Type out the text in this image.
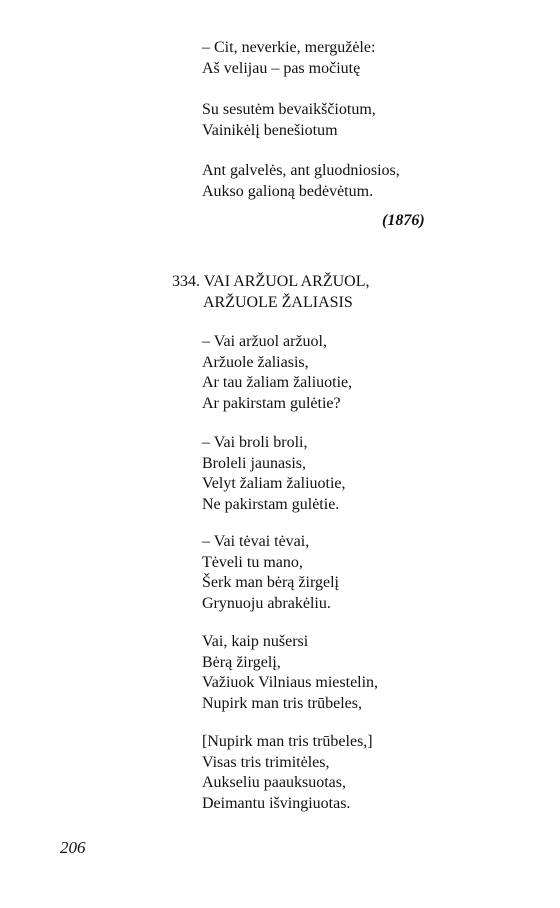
– Cit, neverkie, mergužėle:
Aš velijau – pas močiutę
Su sesutėm bevaikščiotum,
Vainikėlį benešiotum
Ant galvelės, ant gluodniosios,
Aukso galioną bedėvėtum.
(1876)
334. VAI ARŽUOL ARŽUOL,
ARŽUOLE ŽALIASIS
– Vai aržuol aržuol,
Aržuole žaliasis,
Ar tau žaliam žaliuotie,
Ar pakirstam gulėtie?
– Vai broli broli,
Broleli jaunasis,
Velyt žaliam žaliuotie,
Ne pakirstam gulėtie.
– Vai tėvai tėvai,
Tėveli tu mano,
Šerk man bėrą žirgelį
Grynuoju abrakėliu.
Vai, kaip nušersi
Bėrą žirgelį,
Važiuok Vilniaus miestelin,
Nupirk man tris trūbeles,
[Nupirk man tris trūbeles,]
Visas tris trimitėles,
Aukseliu paauksuotas,
Deimantu išvingiuotas.
206
